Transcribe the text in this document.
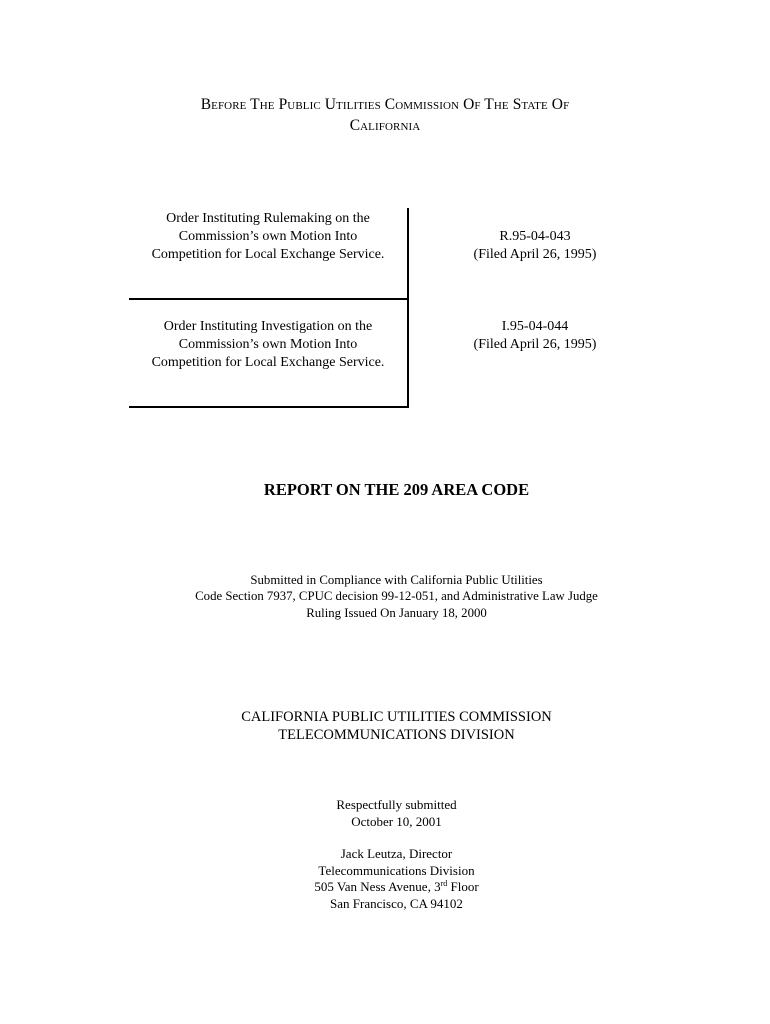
Before The Public Utilities Commission Of The State Of
California
Order Instituting Rulemaking on the
Commission’s own Motion Into
Competition for Local Exchange Service.
R.95-04-043
(Filed April 26, 1995)
Order Instituting Investigation on the
Commission’s own Motion Into
Competition for Local Exchange Service.
I.95-04-044
(Filed April 26, 1995)
REPORT ON THE 209 AREA CODE
Submitted in Compliance with California Public Utilities
Code Section 7937, CPUC decision 99-12-051, and Administrative Law Judge
Ruling Issued On January 18, 2000
CALIFORNIA PUBLIC UTILITIES COMMISSION
TELECOMMUNICATIONS DIVISION
Respectfully submitted
October 10, 2001
Jack Leutza, Director
Telecommunications Division
505 Van Ness Avenue, 3rd Floor
San Francisco, CA 94102
